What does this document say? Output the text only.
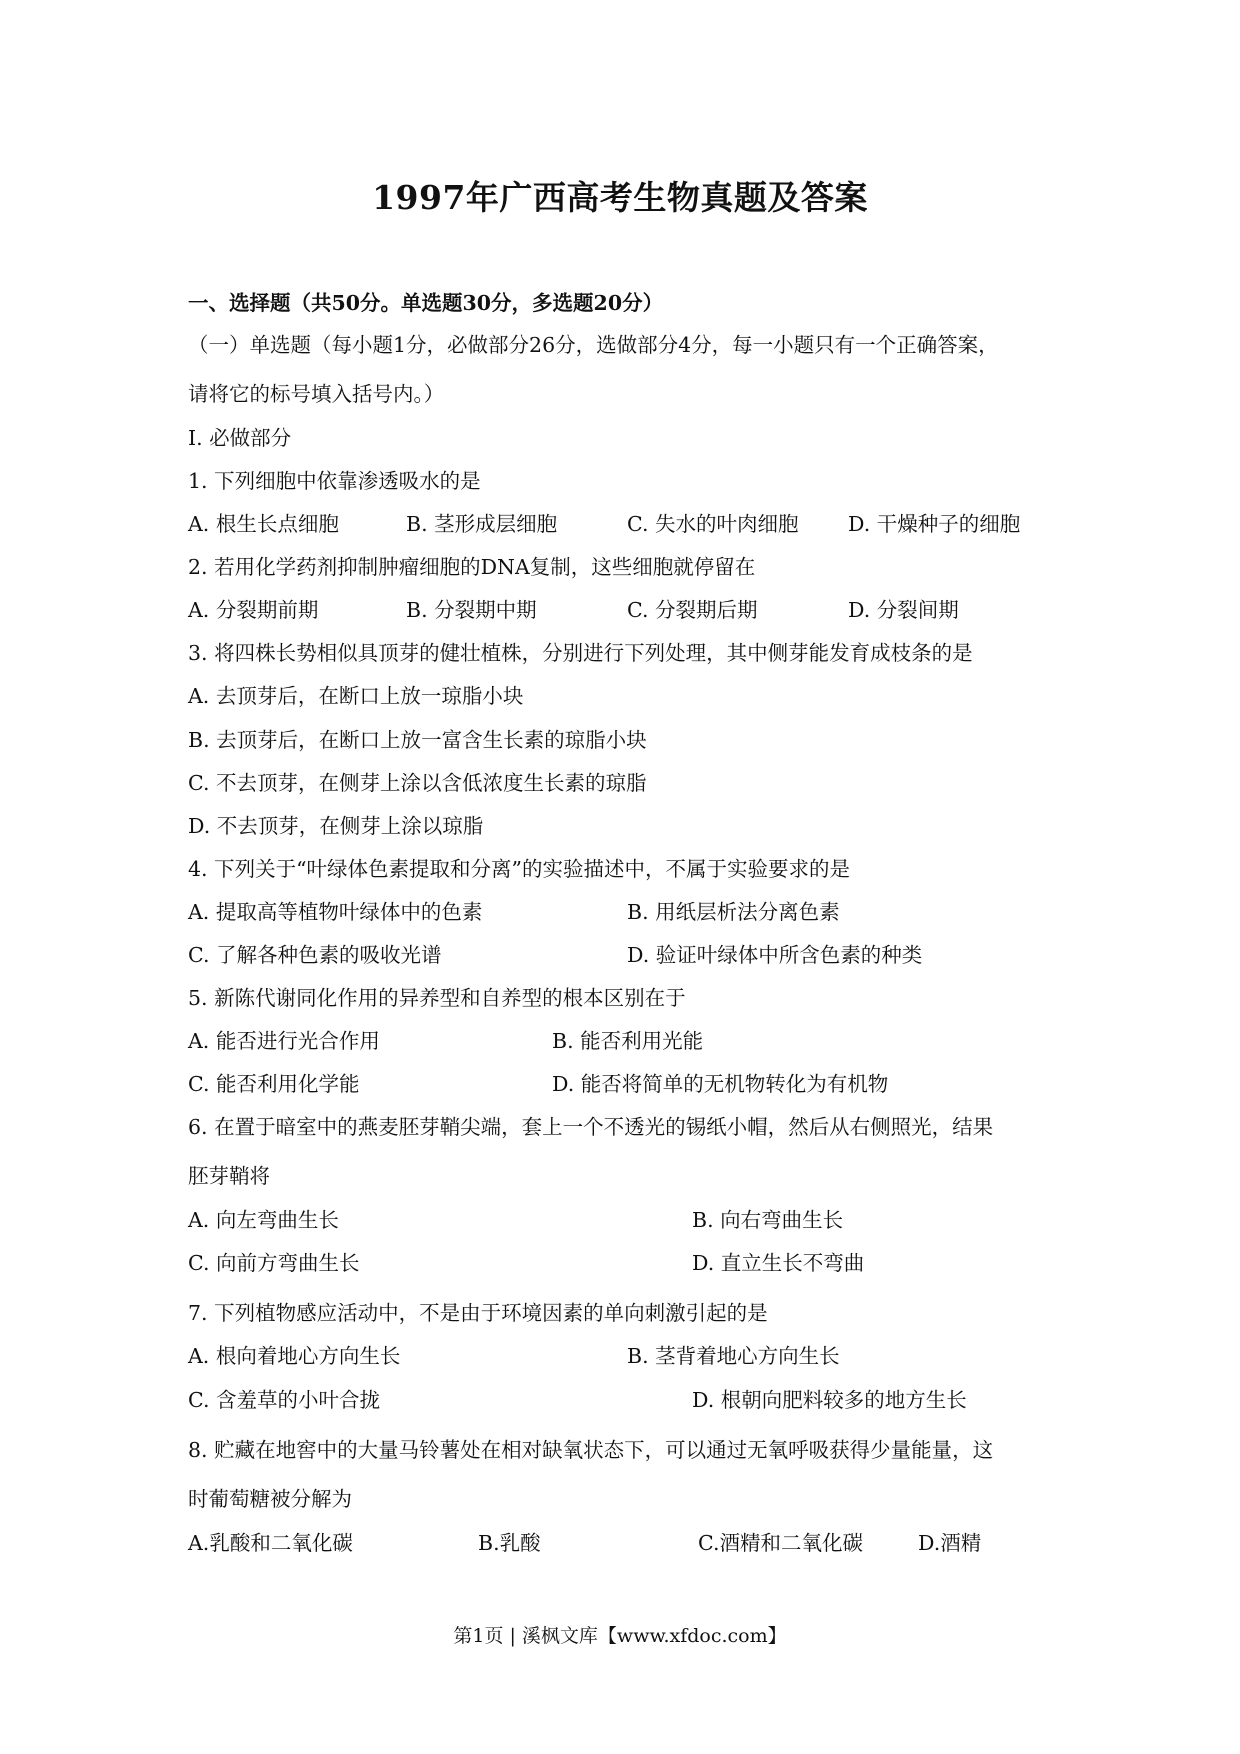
1997年广西高考生物真题及答案
一、选择题（共50分。单选题30分，多选题20分）
（一）单选题（每小题1分，必做部分26分，选做部分4分，每一小题只有一个正确答案，
请将它的标号填入括号内。）
I. 必做部分
1. 下列细胞中依靠渗透吸水的是
A. 根生长点细胞	B. 茎形成层细胞	C. 失水的叶肉细胞 D. 干燥种子的细胞
2. 若用化学药剂抑制肿瘤细胞的DNA复制，这些细胞就停留在
A. 分裂期前期	B. 分裂期中期	C. 分裂期后期	D. 分裂间期
3. 将四株长势相似具顶芽的健壮植株，分别进行下列处理，其中侧芽能发育成枝条的是
A. 去顶芽后，在断口上放一琼脂小块
B. 去顶芽后，在断口上放一富含生长素的琼脂小块
C. 不去顶芽，在侧芽上涂以含低浓度生长素的琼脂
D. 不去顶芽，在侧芽上涂以琼脂
4. 下列关于“叶绿体色素提取和分离”的实验描述中，不属于实验要求的是
A. 提取高等植物叶绿体中的色素	B. 用纸层析法分离色素
C. 了解各种色素的吸收光谱	D. 验证叶绿体中所含色素的种类
5. 新陈代谢同化作用的异养型和自养型的根本区别在于
A. 能否进行光合作用	B. 能否利用光能
C. 能否利用化学能	D. 能否将简单的无机物转化为有机物
6. 在置于暗室中的燕麦胚芽鞘尖端，套上一个不透光的锡纸小帽，然后从右侧照光，结果
胚芽鞘将
A. 向左弯曲生长	B. 向右弯曲生长
C. 向前方弯曲生长	D. 直立生长不弯曲
7. 下列植物感应活动中，不是由于环境因素的单向刺激引起的是
A. 根向着地心方向生长	B. 茎背着地心方向生长
C. 含羞草的小叶合拢	D. 根朝向肥料较多的地方生长
8. 贮藏在地窖中的大量马铃薯处在相对缺氧状态下，可以通过无氧呼吸获得少量能量，这
时葡萄糖被分解为
A.乳酸和二氧化碳	B.乳酸	C.酒精和二氧化碳	D.酒精
第1页 | 溪枫文库【www.xfdoc.com】
